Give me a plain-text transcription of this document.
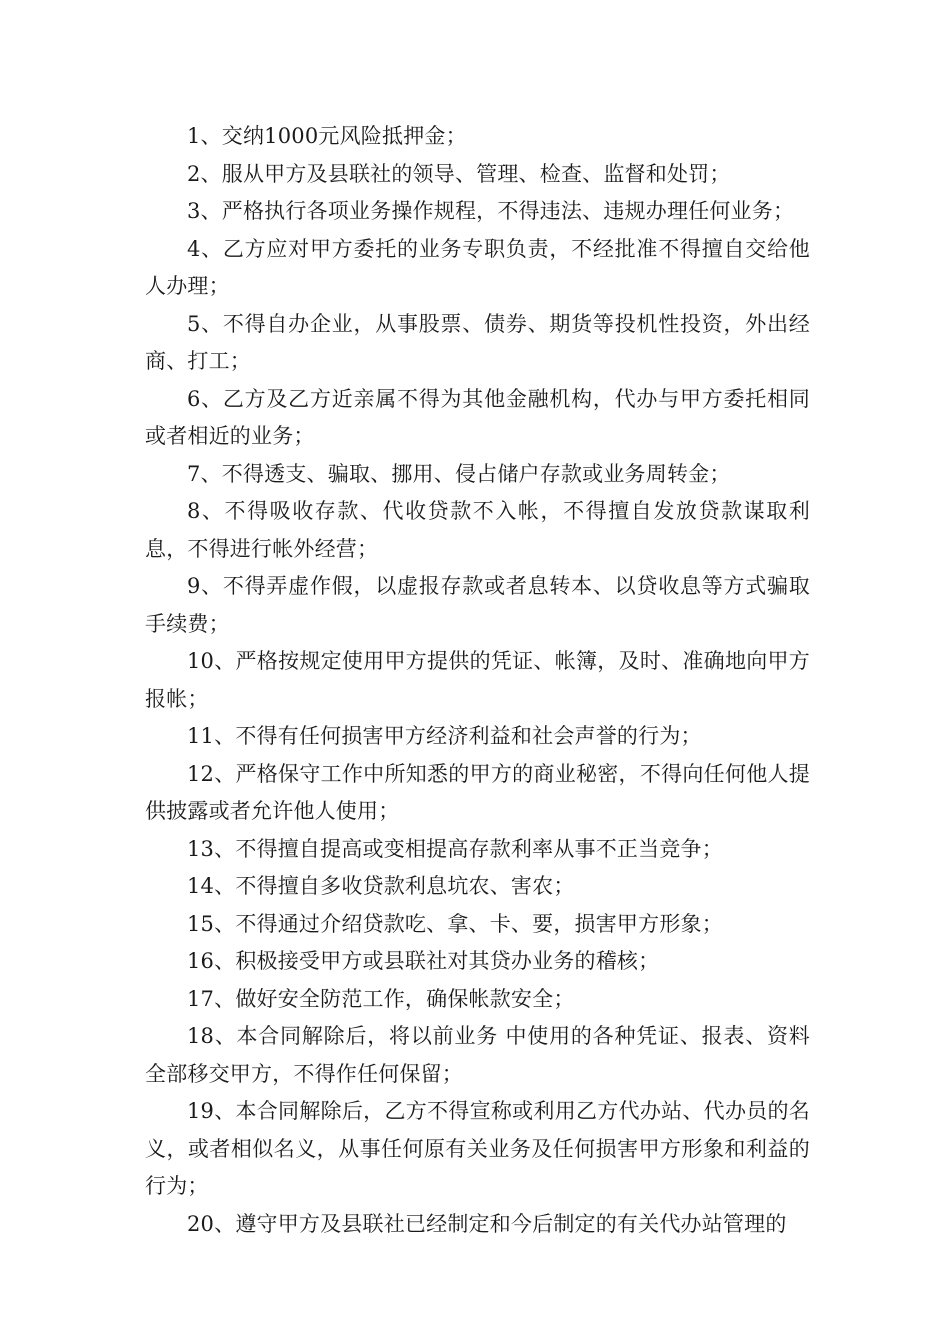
1、交纳1000元风险抵押金；

2、服从甲方及县联社的领导、管理、检查、监督和处罚；

3、严格执行各项业务操作规程，不得违法、违规办理任何业务；

4、乙方应对甲方委托的业务专职负责，不经批准不得擅自交给他人办理；

5、不得自办企业，从事股票、债券、期货等投机性投资，外出经商、打工；

6、乙方及乙方近亲属不得为其他金融机构，代办与甲方委托相同或者相近的业务；

7、不得透支、骗取、挪用、侵占储户存款或业务周转金；

8、不得吸收存款、代收贷款不入帐，不得擅自发放贷款谋取利息，不得进行帐外经营；

9、不得弄虚作假，以虚报存款或者息转本、以贷收息等方式骗取手续费；

10、严格按规定使用甲方提供的凭证、帐簿，及时、准确地向甲方报帐；

11、不得有任何损害甲方经济利益和社会声誉的行为；

12、严格保守工作中所知悉的甲方的商业秘密，不得向任何他人提供披露或者允许他人使用；

13、不得擅自提高或变相提高存款利率从事不正当竞争；

14、不得擅自多收贷款利息坑农、害农；

15、不得通过介绍贷款吃、拿、卡、要，损害甲方形象；

16、积极接受甲方或县联社对其贷办业务的稽核；

17、做好安全防范工作，确保帐款安全；

18、本合同解除后，将以前业务 中使用的各种凭证、报表、资料全部移交甲方，不得作任何保留；

19、本合同解除后，乙方不得宣称或利用乙方代办站、代办员的名义，或者相似名义，从事任何原有关业务及任何损害甲方形象和利益的行为；

20、遵守甲方及县联社已经制定和今后制定的有关代办站管理的
